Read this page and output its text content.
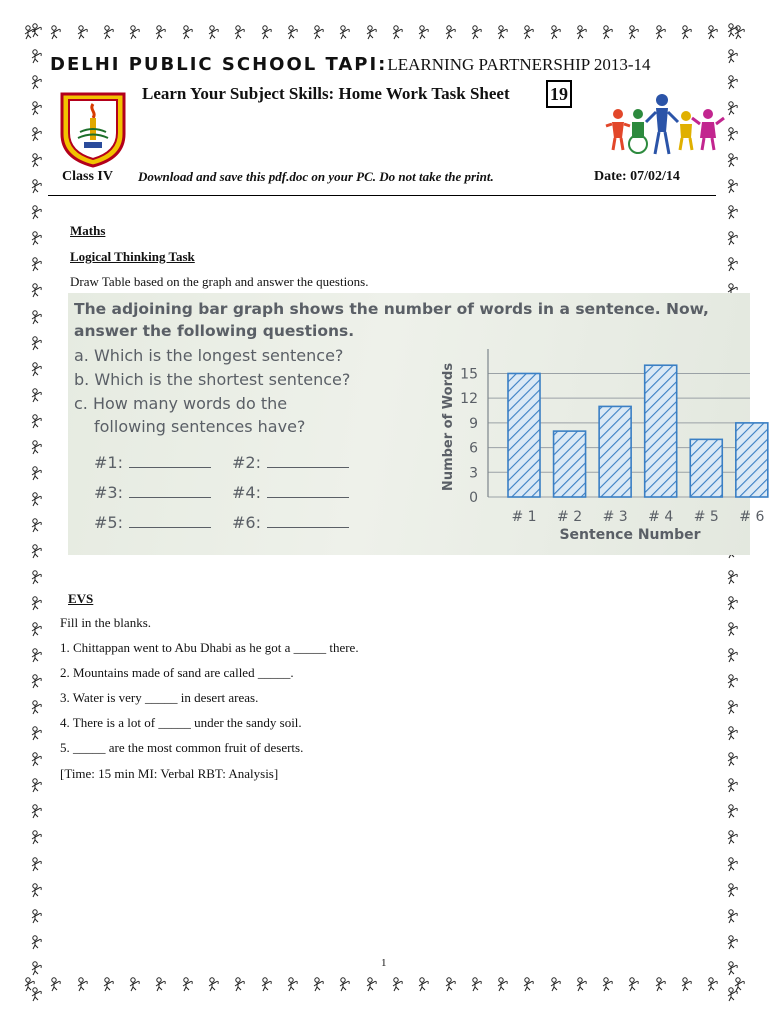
DELHI PUBLIC SCHOOL TAPI:LEARNING PARTNERSHIP 2013-14
Learn Your Subject Skills: Home Work Task Sheet 19
Class IV Download and save this pdf.doc on your PC. Do not take the print.	Date: 07/02/14
Maths
Logical Thinking Task
Draw Table based on the graph and answer the questions.
The adjoining bar graph shows the number of words in a sentence. Now,
answer the following questions.
a. Which is the longest sentence?
b. Which is the shortest sentence?
c. How many words do the
following sentences have?
#1:	#2:
#3:	#4:
#5:	#6:
0
3
6
9
12
15
Number of Words
# 1 # 2 # 3 # 4 # 5 # 6
Sentence Number
EVS
Fill in the blanks.
1. Chittappan went to Abu Dhabi as he got a _____ there.
2. Mountains made of sand are called _____.
3. Water is very _____ in desert areas.
4. There is a lot of _____ under the sandy soil.
5. _____ are the most common fruit of deserts.
[Time: 15 min MI: Verbal RBT: Analysis]
1
